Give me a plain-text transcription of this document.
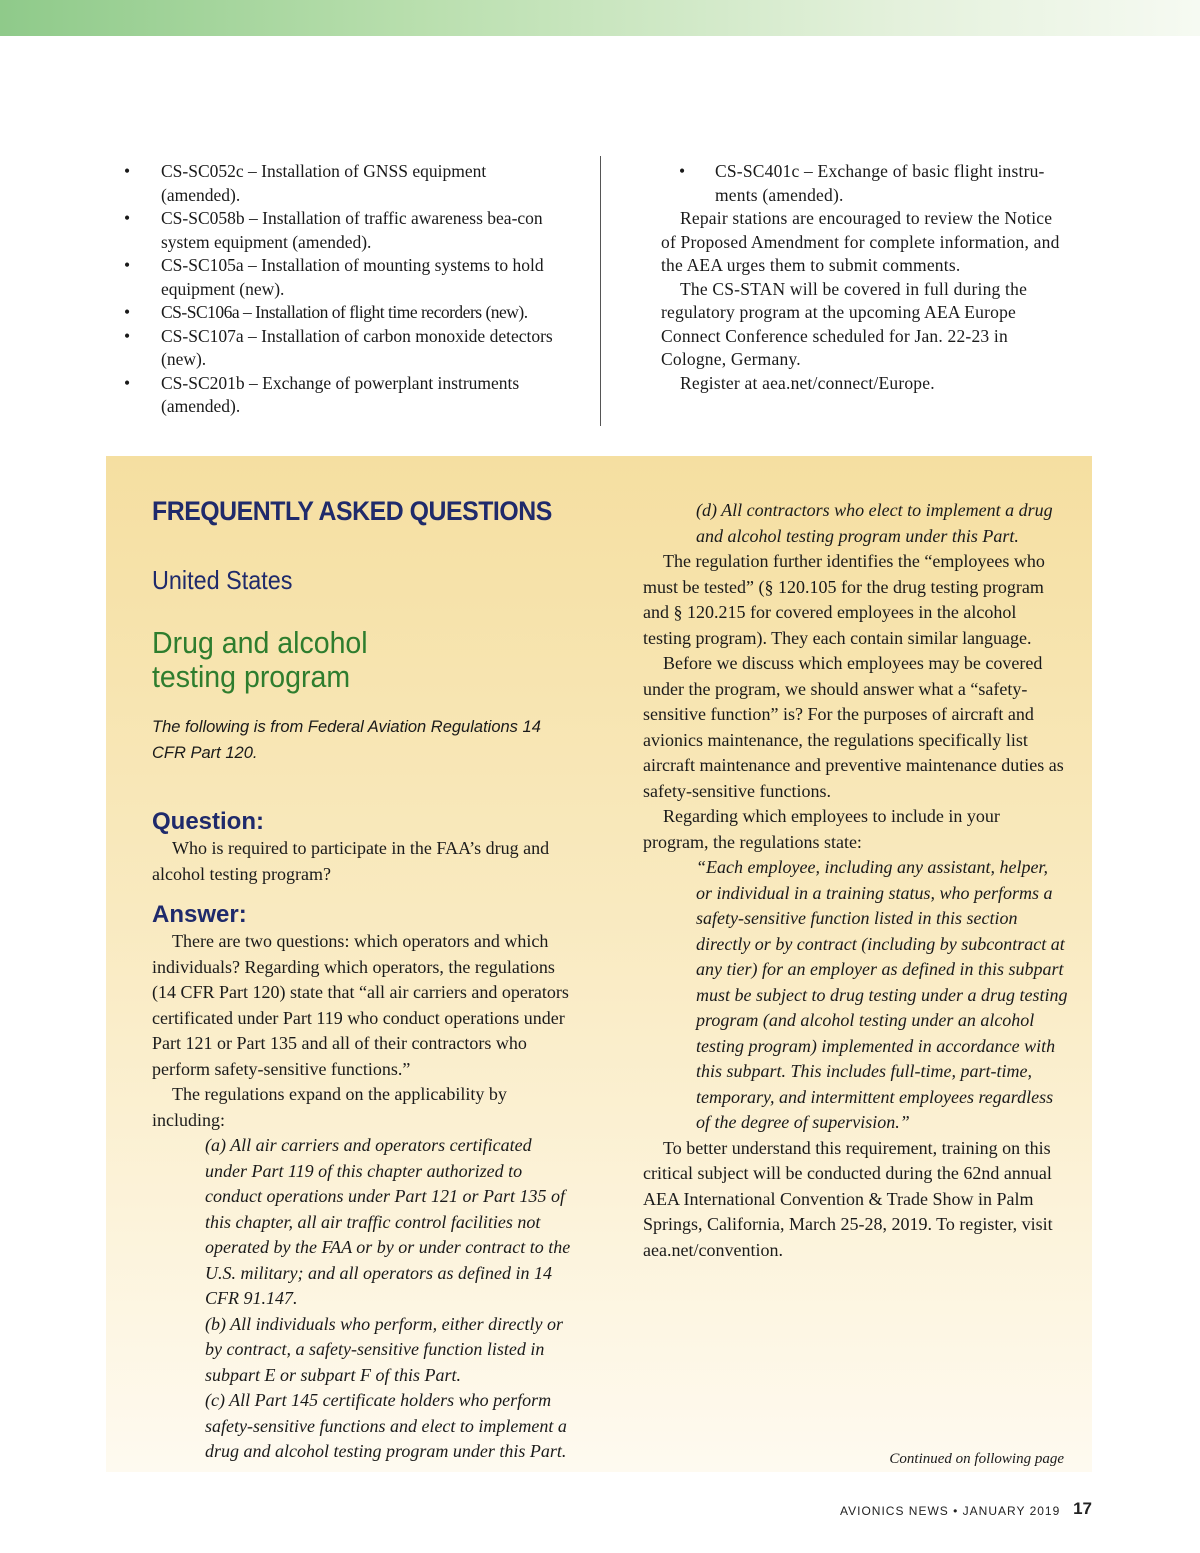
• CS-SC052c – Installation of GNSS equipment (amended).
• CS-SC058b – Installation of traffic awareness bea-con system equipment (amended).
• CS-SC105a – Installation of mounting systems to hold equipment (new).
• CS-SC106a – Installation of flight time recorders (new).
• CS-SC107a – Installation of carbon monoxide detectors (new).
• CS-SC201b – Exchange of powerplant instruments (amended).
• CS-SC401c – Exchange of basic flight instru-ments (amended).

Repair stations are encouraged to review the Notice of Proposed Amendment for complete information, and the AEA urges them to submit comments.

The CS-STAN will be covered in full during the regulatory program at the upcoming AEA Europe Connect Conference scheduled for Jan. 22-23 in Cologne, Germany.

Register at aea.net/connect/Europe.

FREQUENTLY ASKED QUESTIONS
United States
Drug and alcohol
testing program

The following is from Federal Aviation Regulations 14 CFR Part 120.

Question:

Who is required to participate in the FAA’s drug and alcohol testing program?

Answer:

There are two questions: which operators and which individuals? Regarding which operators, the regulations (14 CFR Part 120) state that “all air carriers and operators certificated under Part 119 who conduct operations under Part 121 or Part 135 and all of their contractors who perform safety-sensitive functions.”

The regulations expand on the applicability by including:

(a) All air carriers and operators certificated under Part 119 of this chapter authorized to conduct operations under Part 121 or Part 135 of this chapter, all air traffic control facilities not operated by the FAA or by or under contract to the U.S. military; and all operators as defined in 14 CFR 91.147.

(b) All individuals who perform, either directly or by contract, a safety-sensitive function listed in subpart E or subpart F of this Part.

(c) All Part 145 certificate holders who perform safety-sensitive functions and elect to implement a drug and alcohol testing program under this Part.

(d) All contractors who elect to implement a drug and alcohol testing program under this Part.

The regulation further identifies the “employees who must be tested” (§ 120.105 for the drug testing program and § 120.215 for covered employees in the alcohol testing program). They each contain similar language.

Before we discuss which employees may be covered under the program, we should answer what a “safety-sensitive function” is? For the purposes of aircraft and avionics maintenance, the regulations specifically list aircraft maintenance and preventive maintenance duties as safety-sensitive functions.

Regarding which employees to include in your program, the regulations state:

“Each employee, including any assistant, helper, or individual in a training status, who performs a safety-sensitive function listed in this section directly or by contract (including by subcontract at any tier) for an employer as defined in this subpart must be subject to drug testing under a drug testing program (and alcohol testing under an alcohol testing program) implemented in accordance with this subpart. This includes full-time, part-time, temporary, and intermittent employees regardless of the degree of supervision.”

To better understand this requirement, training on this critical subject will be conducted during the 62nd annual AEA International Convention & Trade Show in Palm Springs, California, March 25-28, 2019. To register, visit aea.net/convention.

Continued on following page
AVIONICS NEWS • JANUARY 2019 17
